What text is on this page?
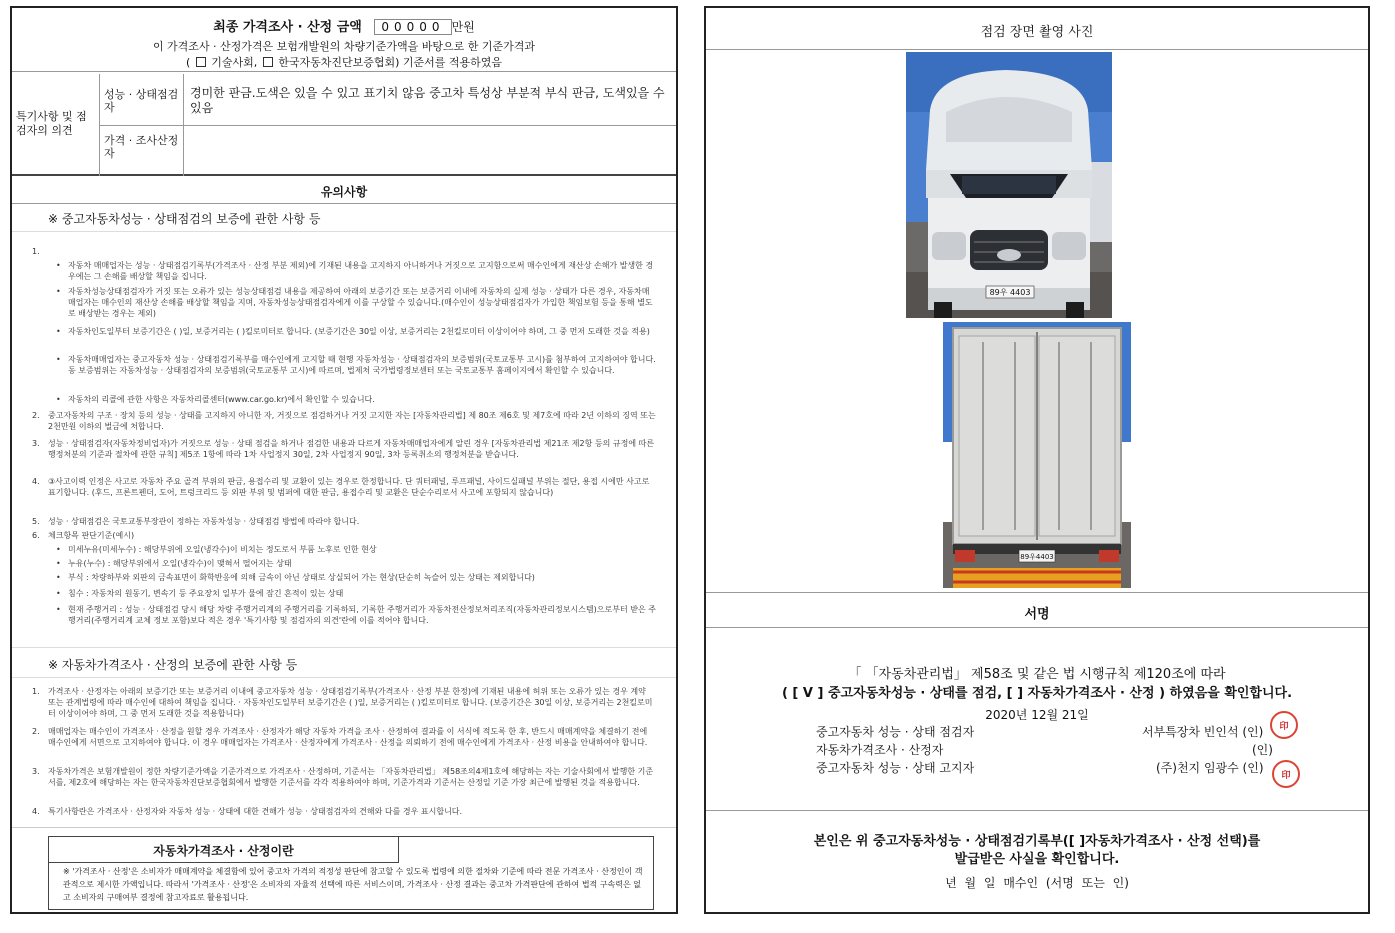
최종 가격조사 · 산정 금액 00000 만원
이 가격조사 · 산정가격은 보험개발원의 차량기준가액을 바탕으로 한 기준가격과
( 기술사회, 한국자동차진단보증협회) 기준서를 적용하였음
특기사항 및 점검자의 의견
성능 · 상태점검자
경미한 판금.도색은 있을 수 있고 표기치 않음 중고차 특성상 부분적 부식 판금, 도색있을 수 있음
가격 · 조사산정자
유의사항
※ 중고자동차성능 · 상태점검의 보증에 관한 사항 등
1.
• 자동차 매매업자는 성능 · 상태점검기록부(가격조사 · 산정 부분 제외)에 기재된 내용을 고지하지 아니하거나 거짓으로 고지함으로써 매수인에게 재산상 손해가 발생한 경우에는 그 손해를 배상할 책임을 집니다.
• 자동차성능상태점검자가 거짓 또는 오류가 있는 성능상태점검 내용을 제공하여 아래의 보증기간 또는 보증거리 이내에 자동차의 실제 성능 · 상태가 다른 경우, 자동차매매업자는 매수인의 재산상 손해를 배상할 책임을 지며, 자동차성능상태점검자에게 이를 구상할 수 있습니다.(매수인이 성능상태점검자가 가입한 책임보험 등을 통해 별도로 배상받는 경우는 제외)
• 자동차인도일부터 보증기간은 ( )일, 보증거리는 ( )킬로미터로 합니다. (보증기간은 30일 이상, 보증거리는 2천킬로미터 이상이어야 하며, 그 중 먼저 도래한 것을 적용)
• 자동차매매업자는 중고자동차 성능 · 상태점검기록부를 매수인에게 고지할 때 현행 자동차성능 · 상태점검자의 보증범위(국토교통부 고시)를 첨부하여 고지하여야 합니다. 동 보증범위는 자동차성능 · 상태점검자의 보증범위(국토교통부 고시)에 따르며, 법제처 국가법령정보센터 또는 국토교통부 홈페이지에서 확인할 수 있습니다.
• 자동차의 리콜에 관한 사항은 자동차리콜센터(www.car.go.kr)에서 확인할 수 있습니다.
2. 중고자동차의 구조 · 장치 등의 성능 · 상태를 고지하지 아니한 자, 거짓으로 점검하거나 거짓 고지한 자는 [자동차관리법] 제 80조 제6호 및 제7호에 따라 2년 이하의 징역 또는 2천만원 이하의 벌금에 처합니다.
3. 성능 · 상태점검자(자동차정비업자)가 거짓으로 성능 · 상태 점검을 하거나 점검한 내용과 다르게 자동차매매업자에게 알린 경우 [자동차관리법 제21조 제2항 등의 규정에 따른 행정처분의 기준과 절차에 관한 규칙] 제5조 1항에 따라 1차 사업정지 30일, 2차 사업정지 90일, 3차 등록취소의 행정처분을 받습니다.
4. ③사고이력 인정은 사고로 자동차 주요 골격 부위의 판금, 용접수리 및 교환이 있는 경우로 한정합니다. 단 쿼터패널, 루프패널, 사이드실패널 부위는 절단, 용접 시에만 사고로 표기합니다. (후드, 프론트펜더, 도어, 트렁크리드 등 외판 부위 및 범퍼에 대한 판금, 용접수리 및 교환은 단순수리로서 사고에 포함되지 않습니다)
5. 성능 · 상태점검은 국토교통부장관이 정하는 자동차성능 · 상태점검 방법에 따라야 합니다.
6. 체크항목 판단기준(예시)
• 미세누유(미세누수) : 해당부위에 오일(냉각수)이 비치는 정도로서 부품 노후로 인한 현상
• 누유(누수) : 해당부위에서 오일(냉각수)이 맺혀서 떨어지는 상태
• 부식 : 차량하부와 외판의 금속표면이 화학반응에 의해 금속이 아닌 상태로 상실되어 가는 현상(단순히 녹슬어 있는 상태는 제외합니다)
• 침수 : 자동차의 원동기, 변속기 등 주요장치 일부가 물에 잠긴 흔적이 있는 상태
• 현재 주행거리 : 성능 · 상태점검 당시 해당 차량 주행거리계의 주행거리를 기록하되, 기록한 주행거리가 자동차전산정보처리조직(자동차관리정보시스템)으로부터 받은 주행거리(주행거리계 교체 정보 포함)보다 적은 경우 '특기사항 및 점검자의 의견'란에 이를 적어야 합니다.
※ 자동차가격조사 · 산정의 보증에 관한 사항 등
1. 가격조사 · 산정자는 아래의 보증기간 또는 보증거리 이내에 중고자동차 성능 · 상태점검기록부(가격조사 · 산정 부분 한정)에 기재된 내용에 허위 또는 오류가 있는 경우 계약 또는 관계법령에 따라 매수인에 대하여 책임을 집니다. · 자동차인도일부터 보증기간은 ( )일, 보증거리는 ( )킬로미터로 합니다. (보증기간은 30일 이상, 보증거리는 2천킬로미터 이상이어야 하며, 그 중 먼저 도래한 것을 적용합니다)
2. 매매업자는 매수인이 가격조사 · 산정을 원할 경우 가격조사 · 산정자가 해당 자동차 가격을 조사 · 산정하여 결과를 이 서식에 적도록 한 후, 반드시 매매계약을 체결하기 전에 매수인에게 서면으로 고지하여야 합니다. 이 경우 매매업자는 가격조사 · 산정자에게 가격조사 · 산정을 의뢰하기 전에 매수인에게 가격조사 · 산정 비용을 안내하여야 합니다.
3. 자동차가격은 보험개발원이 정한 차량기준가액을 기준가격으로 가격조사 · 산정하며, 기준서는 「자동차관리법」 제58조의4제1호에 해당하는 자는 기술사회에서 발행한 기준서를, 제2호에 해당하는 자는 한국자동차진단보증협회에서 발행한 기준서를 각각 적용하여야 하며, 기준가격과 기준서는 산정일 기준 가장 최근에 발행된 것을 적용합니다.
4. 특기사항란은 가격조사 · 산정자와 자동차 성능 · 상태에 대한 견해가 성능 · 상태점검자의 견해와 다를 경우 표시합니다.
자동차가격조사 · 산정이란
※ '가격조사 · 산정'은 소비자가 매매계약을 체결함에 있어 중고차 가격의 적정성 판단에 참고할 수 있도록 법령에 의한 절차와 기준에 따라 전문 가격조사 · 산정인이 객관적으로 제시한 가액입니다. 따라서 '가격조사 · 산정'은 소비자의 자율적 선택에 따른 서비스이며, 가격조사 · 산정 결과는 중고차 가격판단에 관하여 법적 구속력은 없고 소비자의 구매여부 결정에 참고자료로 활용됩니다.
점검 장면 촬영 사진
89우 4403
89우4403
서명
「 「자동차관리법」 제58조 및 같은 법 시행규칙 제120조에 따라
( [ V ] 중고자동차성능 · 상태를 점검, [ ] 자동차가격조사 · 산정 ) 하였음을 확인합니다.
2020년 12월 21일
중고자동차 성능 · 상태 점검자	서부특장차 빈인석 (인)	印
자동차가격조사 · 산정자	(인)
중고자동차 성능 · 상태 고지자	(주)천지 임광수 (인)
印
본인은 위 중고자동차성능 · 상태점검기록부([ ]자동차가격조사 · 산정 선택)를
발급받은 사실을 확인합니다.
년 월 일 매수인 (서명 또는 인)
